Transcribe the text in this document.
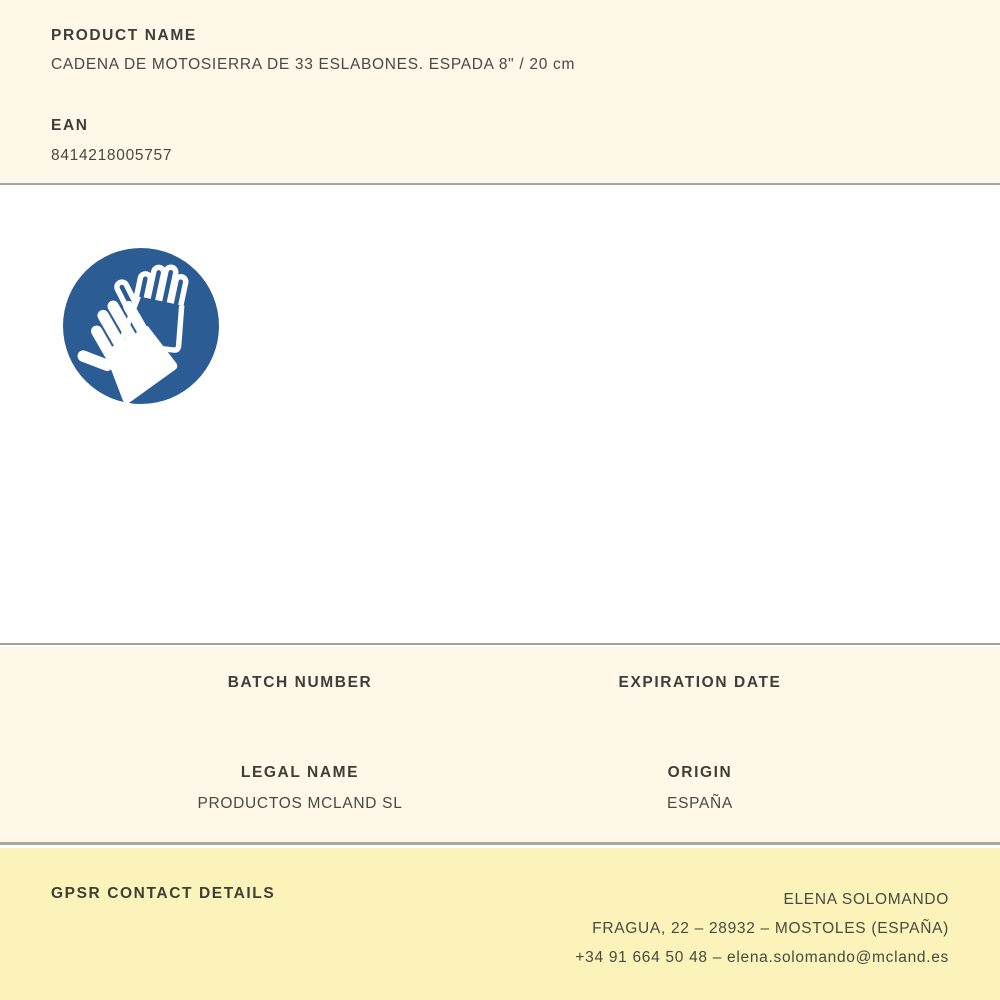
PRODUCT NAME
CADENA DE MOTOSIERRA DE 33 ESLABONES. ESPADA 8" / 20 cm
EAN
8414218005757
BATCH NUMBER	EXPIRATION DATE
LEGAL NAME
PRODUCTOS MCLAND SL
ORIGIN
ESPAÑA
GPSR CONTACT DETAILS	ELENA SOLOMANDO
FRAGUA, 22 – 28932 – MOSTOLES (ESPAÑA)
+34 91 664 50 48 – elena.solomando@mcland.es
